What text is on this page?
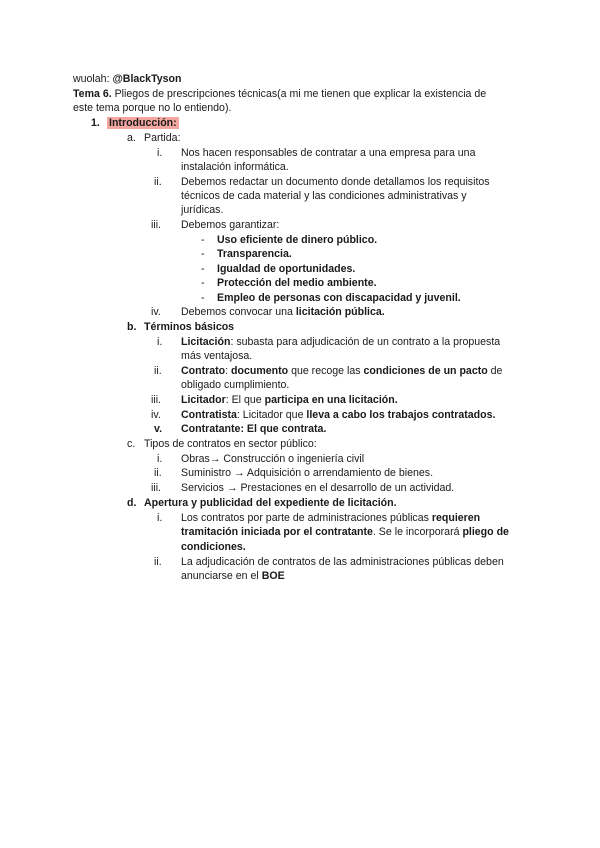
wuolah: @BlackTyson
Tema 6. Pliegos de prescripciones técnicas(a mi me tienen que explicar la existencia de
este tema porque no lo entiendo).
1. Introducción:
a. Partida:
i. Nos hacen responsables de contratar a una empresa para una
instalación informática.
ii. Debemos redactar un documento donde detallamos los requisitos
técnicos de cada material y las condiciones administrativas y
jurídicas.
iii. Debemos garantizar:
- Uso eficiente de dinero público.
- Transparencia.
- Igualdad de oportunidades.
- Protección del medio ambiente.
- Empleo de personas con discapacidad y juvenil.
iv. Debemos convocar una licitación pública.
b. Términos básicos
i. Licitación: subasta para adjudicación de un contrato a la propuesta
más ventajosa.
ii. Contrato: documento que recoge las condiciones de un pacto de
obligado cumplimiento.
iii. Licitador: El que participa en una licitación.
iv. Contratista: Licitador que lleva a cabo los trabajos contratados.
v. Contratante: El que contrata.
c. Tipos de contratos en sector público:
i. Obras→ Construcción o ingeniería civil
ii. Suministro → Adquisición o arrendamiento de bienes.
iii. Servicios → Prestaciones en el desarrollo de un actividad.
d. Apertura y publicidad del expediente de licitación.
i. Los contratos por parte de administraciones públicas requieren
tramitación iniciada por el contratante. Se le incorporará pliego de
condiciones.
ii. La adjudicación de contratos de las administraciones públicas deben
anunciarse en el BOE
